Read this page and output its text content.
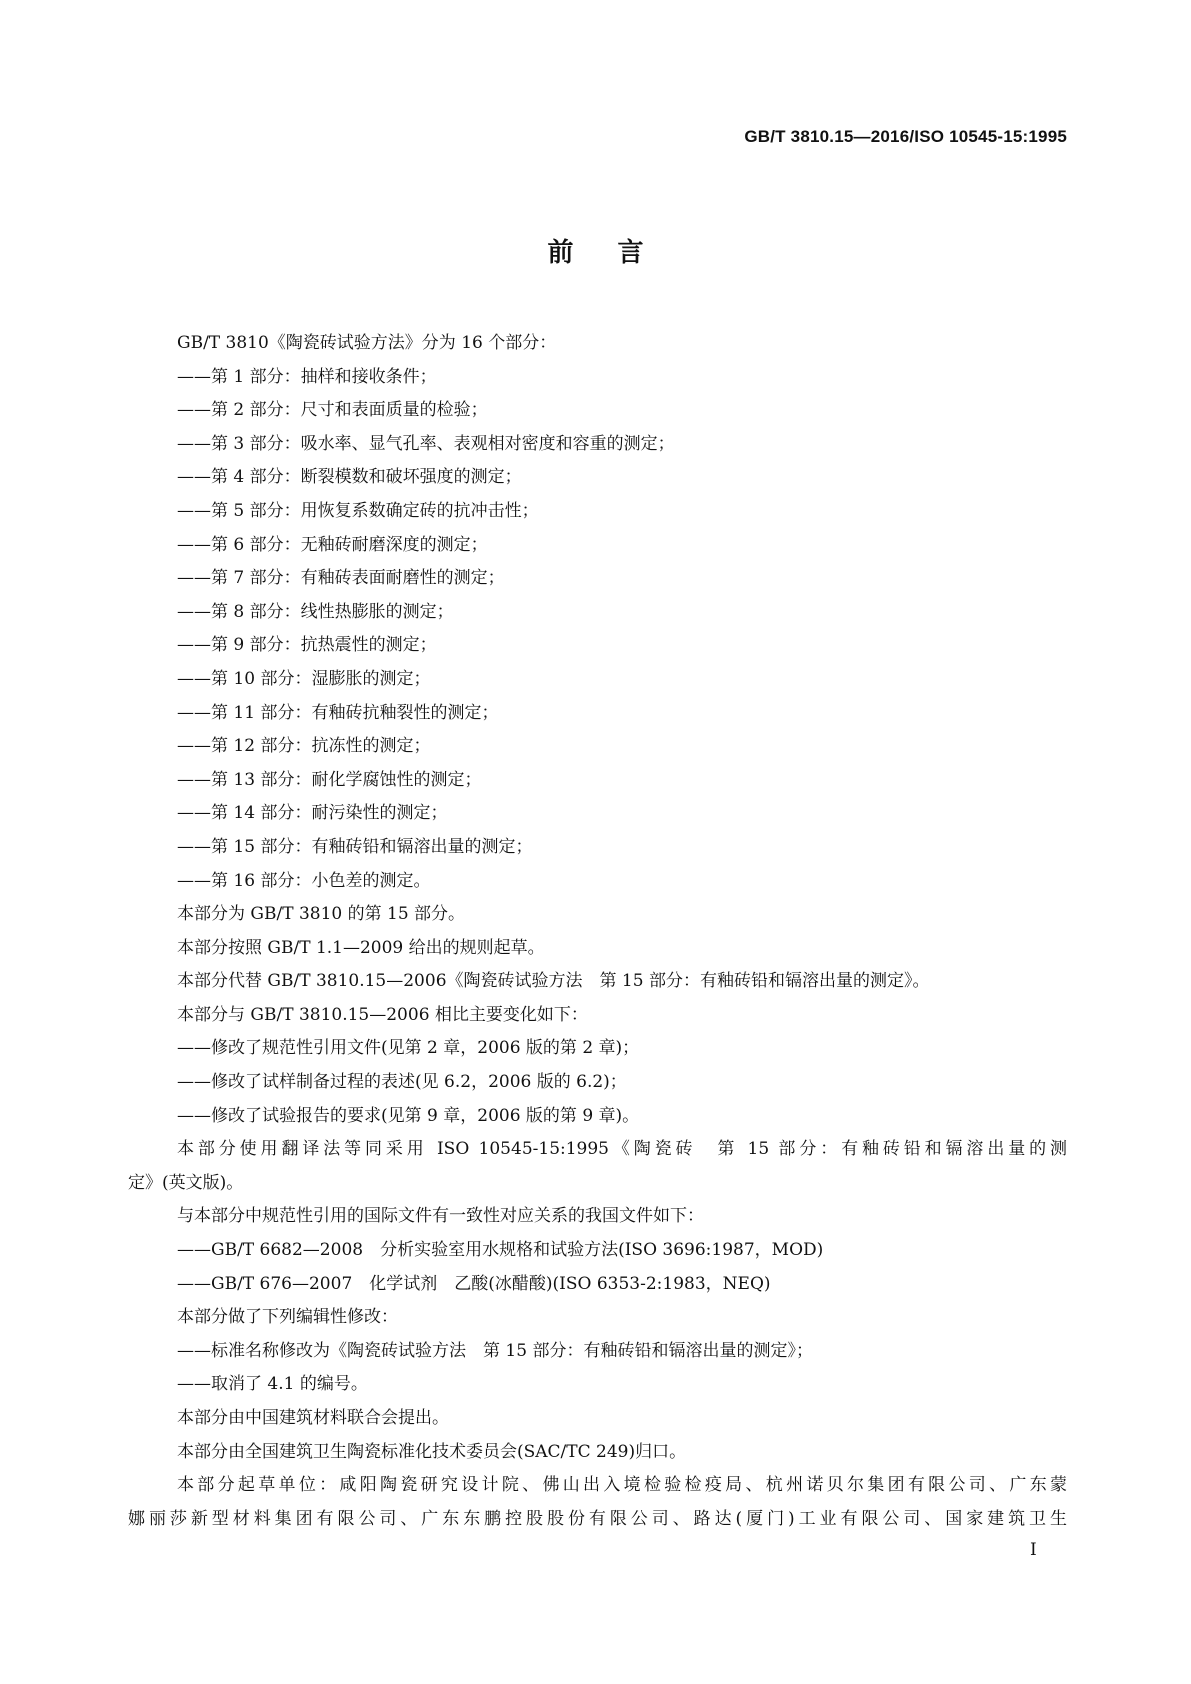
GB/T 3810.15—2016/ISO 10545-15:1995
前 言
GB/T 3810《陶瓷砖试验方法》分为 16 个部分：
——第 1 部分：抽样和接收条件；
——第 2 部分：尺寸和表面质量的检验；
——第 3 部分：吸水率、显气孔率、表观相对密度和容重的测定；
——第 4 部分：断裂模数和破坏强度的测定；
——第 5 部分：用恢复系数确定砖的抗冲击性；
——第 6 部分：无釉砖耐磨深度的测定；
——第 7 部分：有釉砖表面耐磨性的测定；
——第 8 部分：线性热膨胀的测定；
——第 9 部分：抗热震性的测定；
——第 10 部分：湿膨胀的测定；
——第 11 部分：有釉砖抗釉裂性的测定；
——第 12 部分：抗冻性的测定；
——第 13 部分：耐化学腐蚀性的测定；
——第 14 部分：耐污染性的测定；
——第 15 部分：有釉砖铅和镉溶出量的测定；
——第 16 部分：小色差的测定。
本部分为 GB/T 3810 的第 15 部分。
本部分按照 GB/T 1.1—2009 给出的规则起草。
本部分代替 GB/T 3810.15—2006《陶瓷砖试验方法　第 15 部分：有釉砖铅和镉溶出量的测定》。
本部分与 GB/T 3810.15—2006 相比主要变化如下：
——修改了规范性引用文件(见第 2 章，2006 版的第 2 章)；
——修改了试样制备过程的表述(见 6.2，2006 版的 6.2)；
——修改了试验报告的要求(见第 9 章，2006 版的第 9 章)。
本部分使用翻译法等同采用 ISO 10545-15:1995《陶瓷砖　第 15 部分：有釉砖铅和镉溶出量的测
定》(英文版)。
与本部分中规范性引用的国际文件有一致性对应关系的我国文件如下：
——GB/T 6682—2008　分析实验室用水规格和试验方法(ISO 3696:1987，MOD)
——GB/T 676—2007　化学试剂　乙酸(冰醋酸)(ISO 6353-2:1983，NEQ)
本部分做了下列编辑性修改：
——标准名称修改为《陶瓷砖试验方法　第 15 部分：有釉砖铅和镉溶出量的测定》；
——取消了 4.1 的编号。
本部分由中国建筑材料联合会提出。
本部分由全国建筑卫生陶瓷标准化技术委员会(SAC/TC 249)归口。
本部分起草单位：咸阳陶瓷研究设计院、佛山出入境检验检疫局、杭州诺贝尔集团有限公司、广东蒙
娜丽莎新型材料集团有限公司、广东东鹏控股股份有限公司、路达(厦门)工业有限公司、国家建筑卫生
I
